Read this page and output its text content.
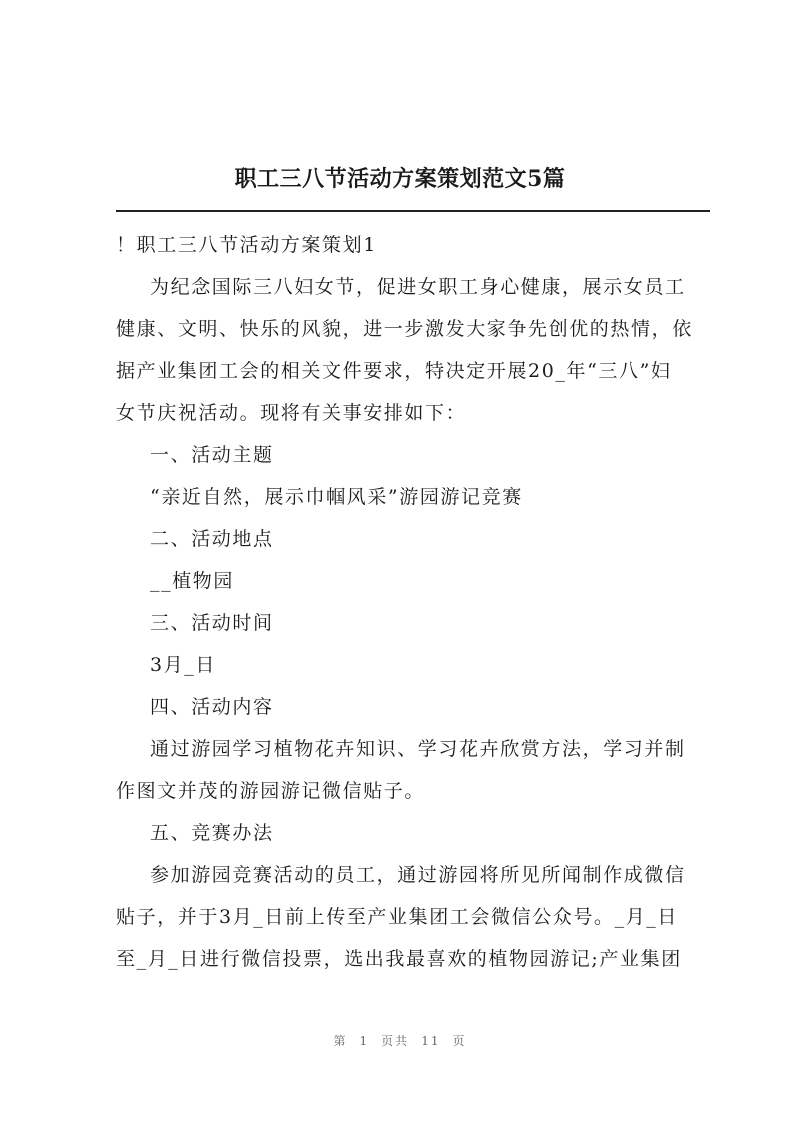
职工三八节活动方案策划范文5篇
！职工三八节活动方案策划1
为纪念国际三八妇女节，促进女职工身心健康，展示女员工
健康、文明、快乐的风貌，进一步激发大家争先创优的热情，依
据产业集团工会的相关文件要求，特决定开展20_年“三八”妇
女节庆祝活动。现将有关事安排如下：
一、活动主题
“亲近自然，展示巾帼风采”游园游记竞赛
二、活动地点
__植物园
三、活动时间
3月_日
四、活动内容
通过游园学习植物花卉知识、学习花卉欣赏方法，学习并制
作图文并茂的游园游记微信贴子。
五、竞赛办法
参加游园竞赛活动的员工，通过游园将所见所闻制作成微信
贴子，并于3月_日前上传至产业集团工会微信公众号。_月_日
至_月_日进行微信投票，选出我最喜欢的植物园游记;产业集团
第 1 页共 11 页
